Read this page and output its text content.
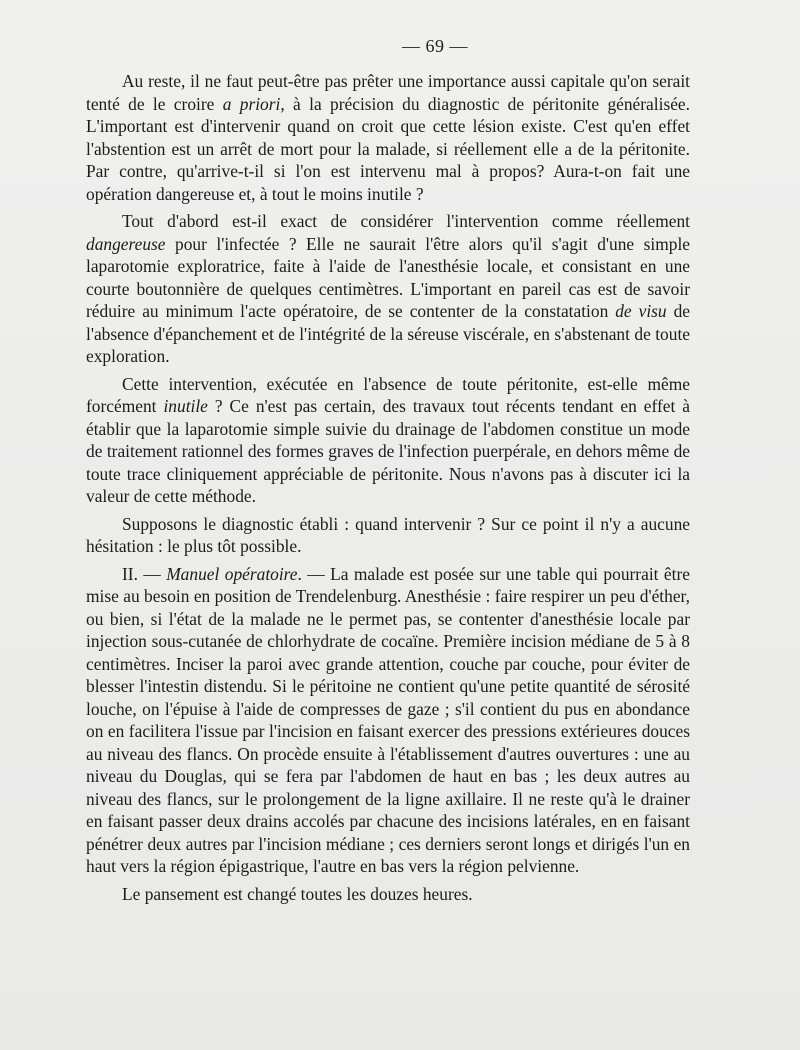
— 69 —

Au reste, il ne faut peut-être pas prêter une importance aussi capitale qu'on serait tenté de le croire a priori, à la précision du diagnostic de péritonite généralisée. L'important est d'intervenir quand on croit que cette lésion existe. C'est qu'en effet l'abstention est un arrêt de mort pour la malade, si réellement elle a de la péritonite. Par contre, qu'arrive-t-il si l'on est intervenu mal à propos? Aura-t-on fait une opération dangereuse et, à tout le moins inutile ?

Tout d'abord est-il exact de considérer l'intervention comme réellement dangereuse pour l'infectée ? Elle ne saurait l'être alors qu'il s'agit d'une simple laparotomie exploratrice, faite à l'aide de l'anesthésie locale, et consistant en une courte boutonnière de quelques centimètres. L'important en pareil cas est de savoir réduire au minimum l'acte opératoire, de se contenter de la constatation de visu de l'absence d'épanchement et de l'intégrité de la séreuse viscérale, en s'abstenant de toute exploration.

Cette intervention, exécutée en l'absence de toute péritonite, est-elle même forcément inutile ? Ce n'est pas certain, des travaux tout récents tendant en effet à établir que la laparotomie simple suivie du drainage de l'abdomen constitue un mode de traitement rationnel des formes graves de l'infection puerpérale, en dehors même de toute trace cliniquement appréciable de péritonite. Nous n'avons pas à discuter ici la valeur de cette méthode.

Supposons le diagnostic établi : quand intervenir ? Sur ce point il n'y a aucune hésitation : le plus tôt possible.

II. — Manuel opératoire. — La malade est posée sur une table qui pourrait être mise au besoin en position de Trendelenburg. Anesthésie : faire respirer un peu d'éther, ou bien, si l'état de la malade ne le permet pas, se contenter d'anesthésie locale par injection sous-cutanée de chlorhydrate de cocaïne. Première incision médiane de 5 à 8 centimètres. Inciser la paroi avec grande attention, couche par couche, pour éviter de blesser l'intestin distendu. Si le péritoine ne contient qu'une petite quantité de sérosité louche, on l'épuise à l'aide de compresses de gaze ; s'il contient du pus en abondance on en facilitera l'issue par l'incision en faisant exercer des pressions extérieures douces au niveau des flancs. On procède ensuite à l'établissement d'autres ouvertures : une au niveau du Douglas, qui se fera par l'abdomen de haut en bas ; les deux autres au niveau des flancs, sur le prolongement de la ligne axillaire. Il ne reste qu'à le drainer en faisant passer deux drains accolés par chacune des incisions latérales, en en faisant pénétrer deux autres par l'incision médiane ; ces derniers seront longs et dirigés l'un en haut vers la région épigastrique, l'autre en bas vers la région pelvienne.

Le pansement est changé toutes les douzes heures.
